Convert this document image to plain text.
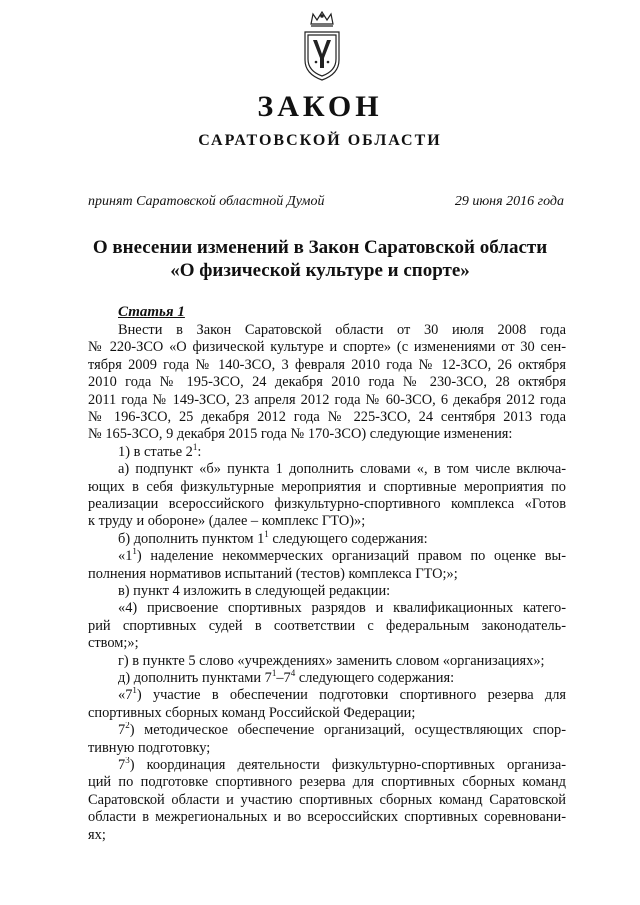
ЗАКОН
САРАТОВСКОЙ ОБЛАСТИ
принят Саратовской областной Думой	29 июня 2016 года
О внесении изменений в Закон Саратовской области
«О физической культуре и спорте»
Статья 1
Внести в Закон Саратовской области от 30 июля 2008 года
№ 220-ЗСО «О физической культуре и спорте» (с изменениями от 30 сен-
тября 2009 года № 140-ЗСО, 3 февраля 2010 года № 12-ЗСО, 26 октября
2010 года № 195-ЗСО, 24 декабря 2010 года № 230-ЗСО, 28 октября
2011 года № 149-ЗСО, 23 апреля 2012 года № 60-ЗСО, 6 декабря 2012 года
№ 196-ЗСО, 25 декабря 2012 года № 225-ЗСО, 24 сентября 2013 года
№ 165-ЗСО, 9 декабря 2015 года № 170-ЗСО) следующие изменения:
1) в статье $2^1$:
а) подпункт «б» пункта 1 дополнить словами «, в том числе включа-
ющих в себя физкультурные мероприятия и спортивные мероприятия по
реализации всероссийского физкультурно-спортивного комплекса «Готов
к труду и обороне» (далее – комплекс ГТО)»;
б) дополнить пунктом $1^1$ следующего содержания:
«$1^1$) наделение некоммерческих организаций правом по оценке вы-
полнения нормативов испытаний (тестов) комплекса ГТО;»;
в) пункт 4 изложить в следующей редакции:
«4) присвоение спортивных разрядов и квалификационных катего-
рий спортивных судей в соответствии с федеральным законодатель-
ством;»;
г) в пункте 5 слово «учреждениях» заменить словом «организациях»;
д) дополнить пунктами $7^1-7^4$ следующего содержания:
«$7^1$) участие в обеспечении подготовки спортивного резерва для
спортивных сборных команд Российской Федерации;
$7^2$) методическое обеспечение организаций, осуществляющих спор-
тивную подготовку;
$7^3$) координация деятельности физкультурно-спортивных организа-
ций по подготовке спортивного резерва для спортивных сборных команд
Саратовской области и участию спортивных сборных команд Саратовской
области в межрегиональных и во всероссийских спортивных соревновани-
ях;
